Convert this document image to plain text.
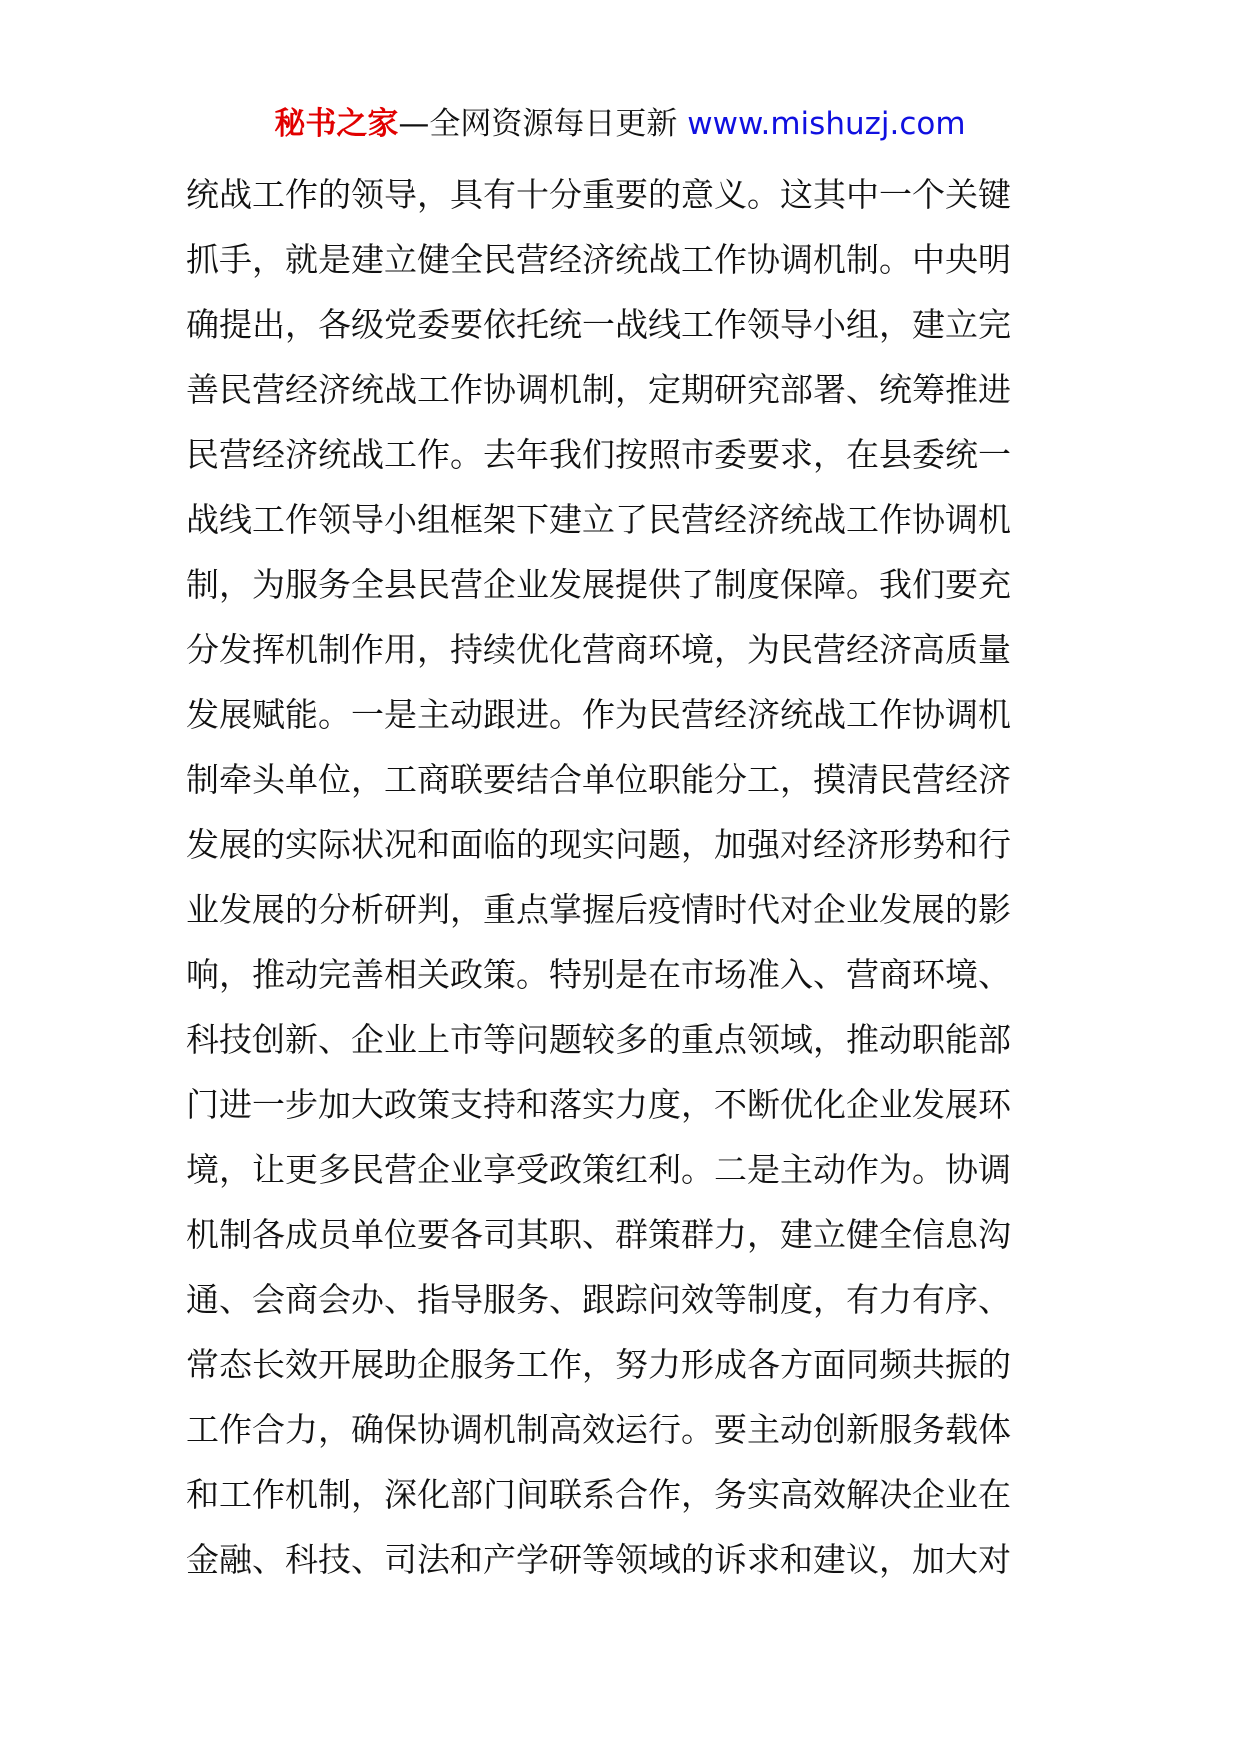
秘书之家—全网资源每日更新 www.mishuzj.com
统战工作的领导，具有十分重要的意义。这其中一个关键
抓手，就是建立健全民营经济统战工作协调机制。中央明
确提出，各级党委要依托统一战线工作领导小组，建立完
善民营经济统战工作协调机制，定期研究部署、统筹推进
民营经济统战工作。去年我们按照市委要求，在县委统一
战线工作领导小组框架下建立了民营经济统战工作协调机
制，为服务全县民营企业发展提供了制度保障。我们要充
分发挥机制作用，持续优化营商环境，为民营经济高质量
发展赋能。一是主动跟进。作为民营经济统战工作协调机
制牵头单位，工商联要结合单位职能分工，摸清民营经济
发展的实际状况和面临的现实问题，加强对经济形势和行
业发展的分析研判，重点掌握后疫情时代对企业发展的影
响，推动完善相关政策。特别是在市场准入、营商环境、
科技创新、企业上市等问题较多的重点领域，推动职能部
门进一步加大政策支持和落实力度，不断优化企业发展环
境，让更多民营企业享受政策红利。二是主动作为。协调
机制各成员单位要各司其职、群策群力，建立健全信息沟
通、会商会办、指导服务、跟踪问效等制度，有力有序、
常态长效开展助企服务工作，努力形成各方面同频共振的
工作合力，确保协调机制高效运行。要主动创新服务载体
和工作机制，深化部门间联系合作，务实高效解决企业在
金融、科技、司法和产学研等领域的诉求和建议，加大对
